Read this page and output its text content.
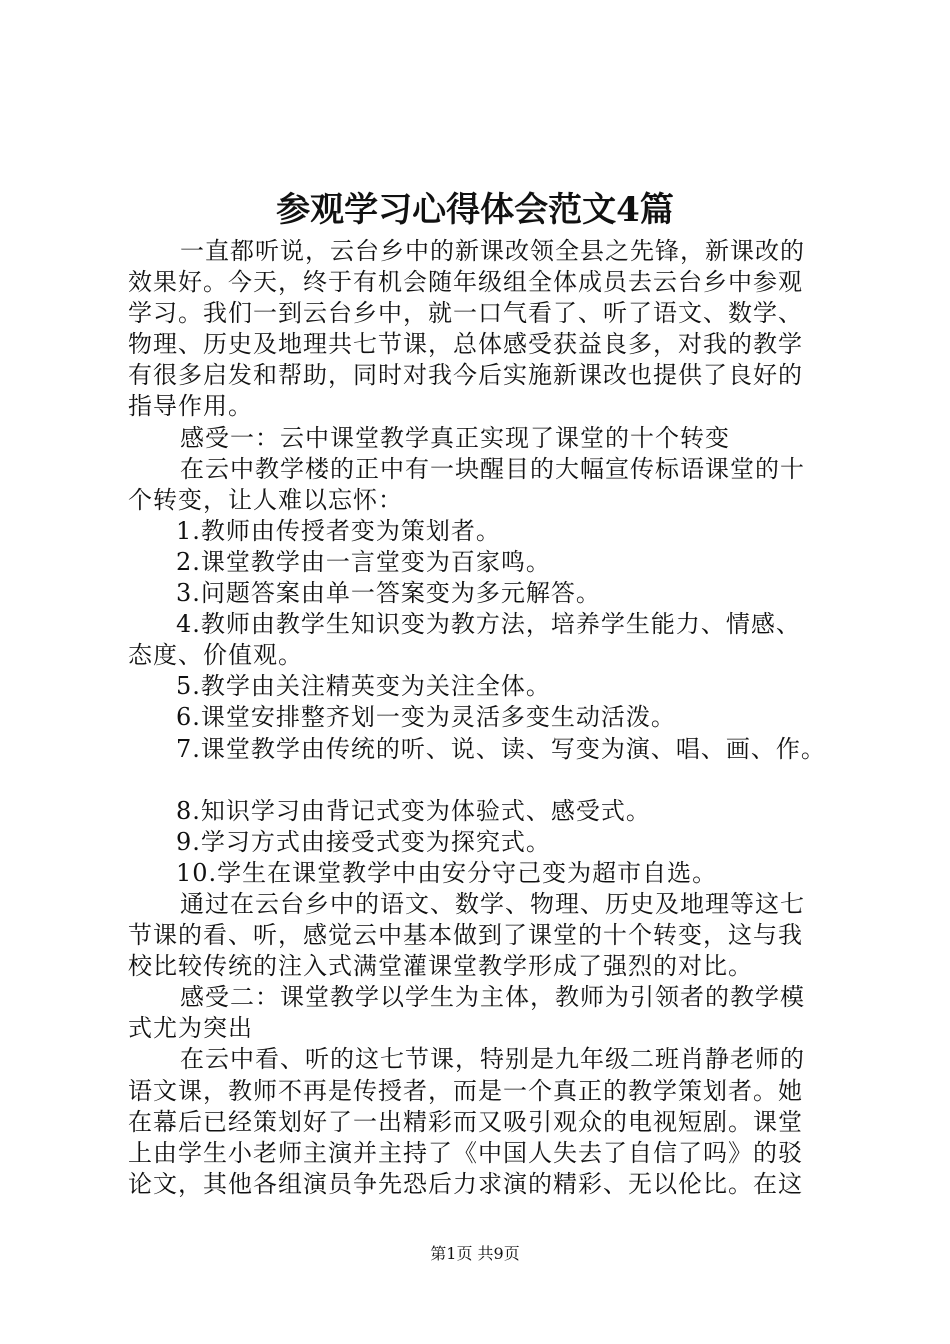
参观学习心得体会范文4篇
一直都听说，云台乡中的新课改领全县之先锋，新课改的
效果好。今天，终于有机会随年级组全体成员去云台乡中参观
学习。我们一到云台乡中，就一口气看了、听了语文、数学、
物理、历史及地理共七节课，总体感受获益良多，对我的教学
有很多启发和帮助，同时对我今后实施新课改也提供了良好的
指导作用。
感受一：云中课堂教学真正实现了课堂的十个转变
在云中教学楼的正中有一块醒目的大幅宣传标语课堂的十
个转变，让人难以忘怀：
1.教师由传授者变为策划者。
2.课堂教学由一言堂变为百家鸣。
3.问题答案由单一答案变为多元解答。
4.教师由教学生知识变为教方法，培养学生能力、情感、
态度、价值观。
5.教学由关注精英变为关注全体。
6.课堂安排整齐划一变为灵活多变生动活泼。
7.课堂教学由传统的听、说、读、写变为演、唱、画、作。
8.知识学习由背记式变为体验式、感受式。
9.学习方式由接受式变为探究式。
10.学生在课堂教学中由安分守己变为超市自选。
通过在云台乡中的语文、数学、物理、历史及地理等这七
节课的看、听，感觉云中基本做到了课堂的十个转变，这与我
校比较传统的注入式满堂灌课堂教学形成了强烈的对比。
感受二：课堂教学以学生为主体，教师为引领者的教学模
式尤为突出
在云中看、听的这七节课，特别是九年级二班肖静老师的
语文课，教师不再是传授者，而是一个真正的教学策划者。她
在幕后已经策划好了一出精彩而又吸引观众的电视短剧。课堂
上由学生小老师主演并主持了《中国人失去了自信了吗》的驳
论文，其他各组演员争先恐后力求演的精彩、无以伦比。在这
第1页 共9页
